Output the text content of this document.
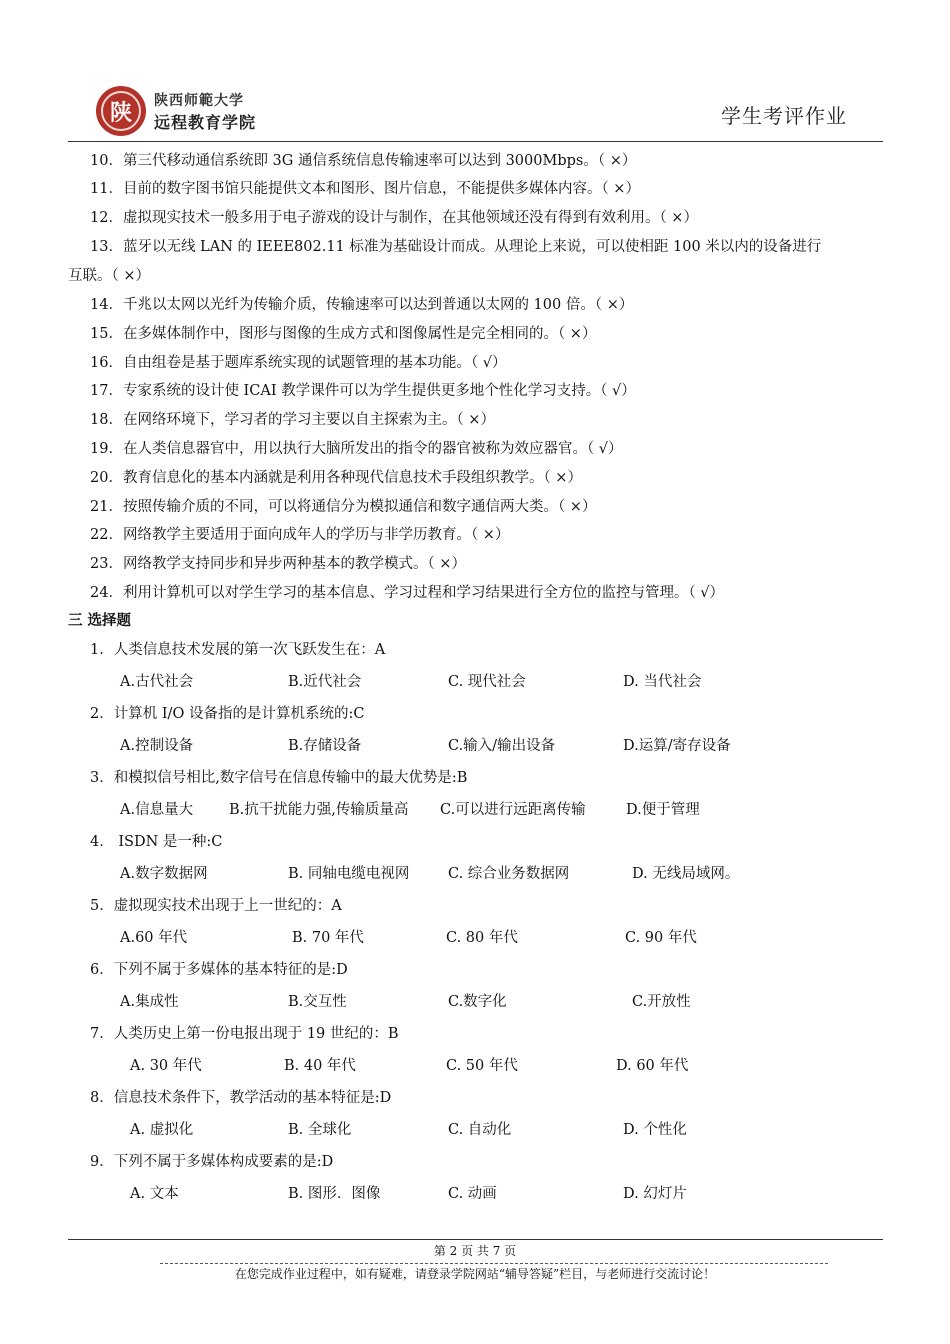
陕	陕西师範大学
远程教育学院	学生考评作业
10．第三代移动通信系统即 3G 通信系统信息传输速率可以达到 3000Mbps。（ ×）
11．目前的数字图书馆只能提供文本和图形、图片信息，不能提供多媒体内容。（ ×）
12．虚拟现实技术一般多用于电子游戏的设计与制作，在其他领域还没有得到有效利用。（ ×）
13．蓝牙以无线 LAN 的 IEEE802.11 标准为基础设计而成。从理论上来说，可以使相距 100 米以内的设备进行
互联。（ ×）
14．千兆以太网以光纤为传输介质，传输速率可以达到普通以太网的 100 倍。（ ×）
15．在多媒体制作中，图形与图像的生成方式和图像属性是完全相同的。（ ×）
16．自由组卷是基于题库系统实现的试题管理的基本功能。（ √）
17．专家系统的设计使 ICAI 教学课件可以为学生提供更多地个性化学习支持。（ √）
18．在网络环境下，学习者的学习主要以自主探索为主。（ ×）
19．在人类信息器官中，用以执行大脑所发出的指令的器官被称为效应器官。（ √）
20．教育信息化的基本内涵就是利用各种现代信息技术手段组织教学。（ ×）
21．按照传输介质的不同，可以将通信分为模拟通信和数字通信两大类。（ ×）
22．网络教学主要适用于面向成年人的学历与非学历教育。（ ×）
23．网络教学支持同步和异步两种基本的教学模式。（ ×）
24．利用计算机可以对学生学习的基本信息、学习过程和学习结果进行全方位的监控与管理。（ √）
三 选择题
1．人类信息技术发展的第一次飞跃发生在：A
A.古代社会	B.近代社会	C. 现代社会	D. 当代社会
2．计算机 I/O 设备指的是计算机系统的:C
A.控制设备	B.存储设备	C.输入/输出设备	D.运算/寄存设备
3．和模拟信号相比,数字信号在信息传输中的最大优势是:B
A.信息量大 B.抗干扰能力强,传输质量高 C.可以进行远距离传输	D.便于管理
4． ISDN 是一种:C
A.数字数据网	B. 同轴电缆电视网	C. 综合业务数据网	D. 无线局域网。
5．虚拟现实技术出现于上一世纪的：A
A.60 年代	B. 70 年代	C. 80 年代	C. 90 年代
6．下列不属于多媒体的基本特征的是:D
A.集成性	B.交互性	C.数字化	C.开放性
7．人类历史上第一份电报出现于 19 世纪的：B
A. 30 年代	B. 40 年代	C. 50 年代	D. 60 年代
8．信息技术条件下，教学活动的基本特征是:D
A. 虚拟化	B. 全球化	C. 自动化	D. 个性化
9．下列不属于多媒体构成要素的是:D
A. 文本	B. 图形．图像	C. 动画	D. 幻灯片
第 2 页 共 7 页
在您完成作业过程中，如有疑难，请登录学院网站“辅导答疑”栏目，与老师进行交流讨论！
